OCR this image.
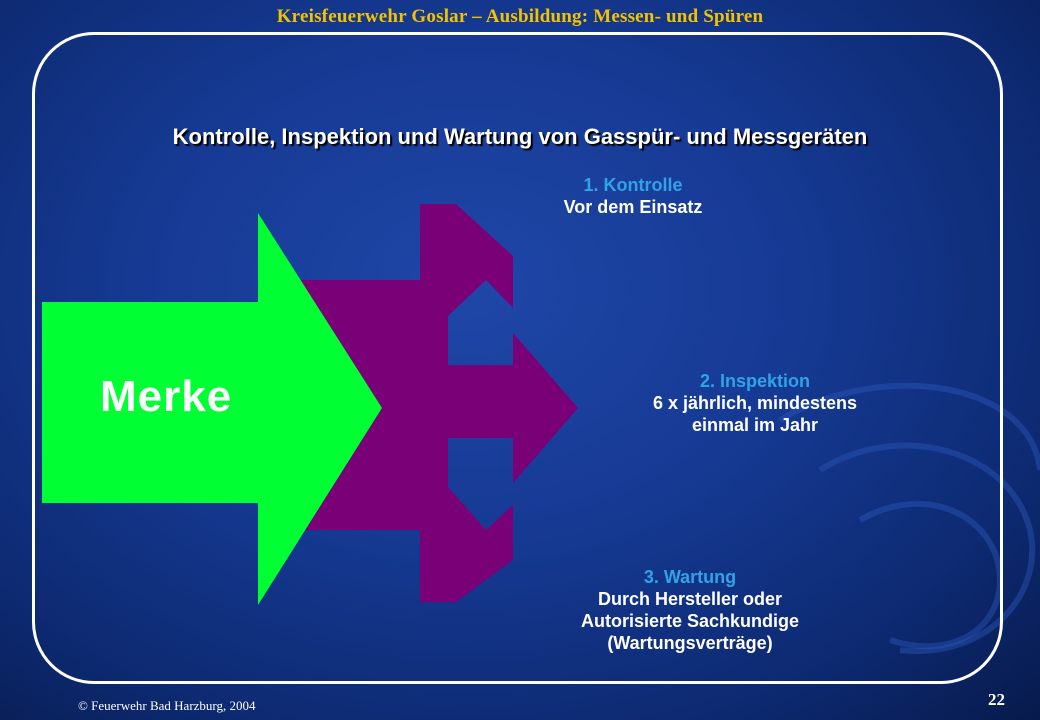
Kreisfeuerwehr Goslar – Ausbildung: Messen- und Spüren
Kontrolle, Inspektion und Wartung von Gasspür- und Messgeräten
Merke
1. Kontrolle
Vor dem Einsatz
2. Inspektion
6 x jährlich, mindestens
einmal im Jahr
3. Wartung
Durch Hersteller oder
Autorisierte Sachkundige
(Wartungsverträge)
© Feuerwehr Bad Harzburg, 2004	22
